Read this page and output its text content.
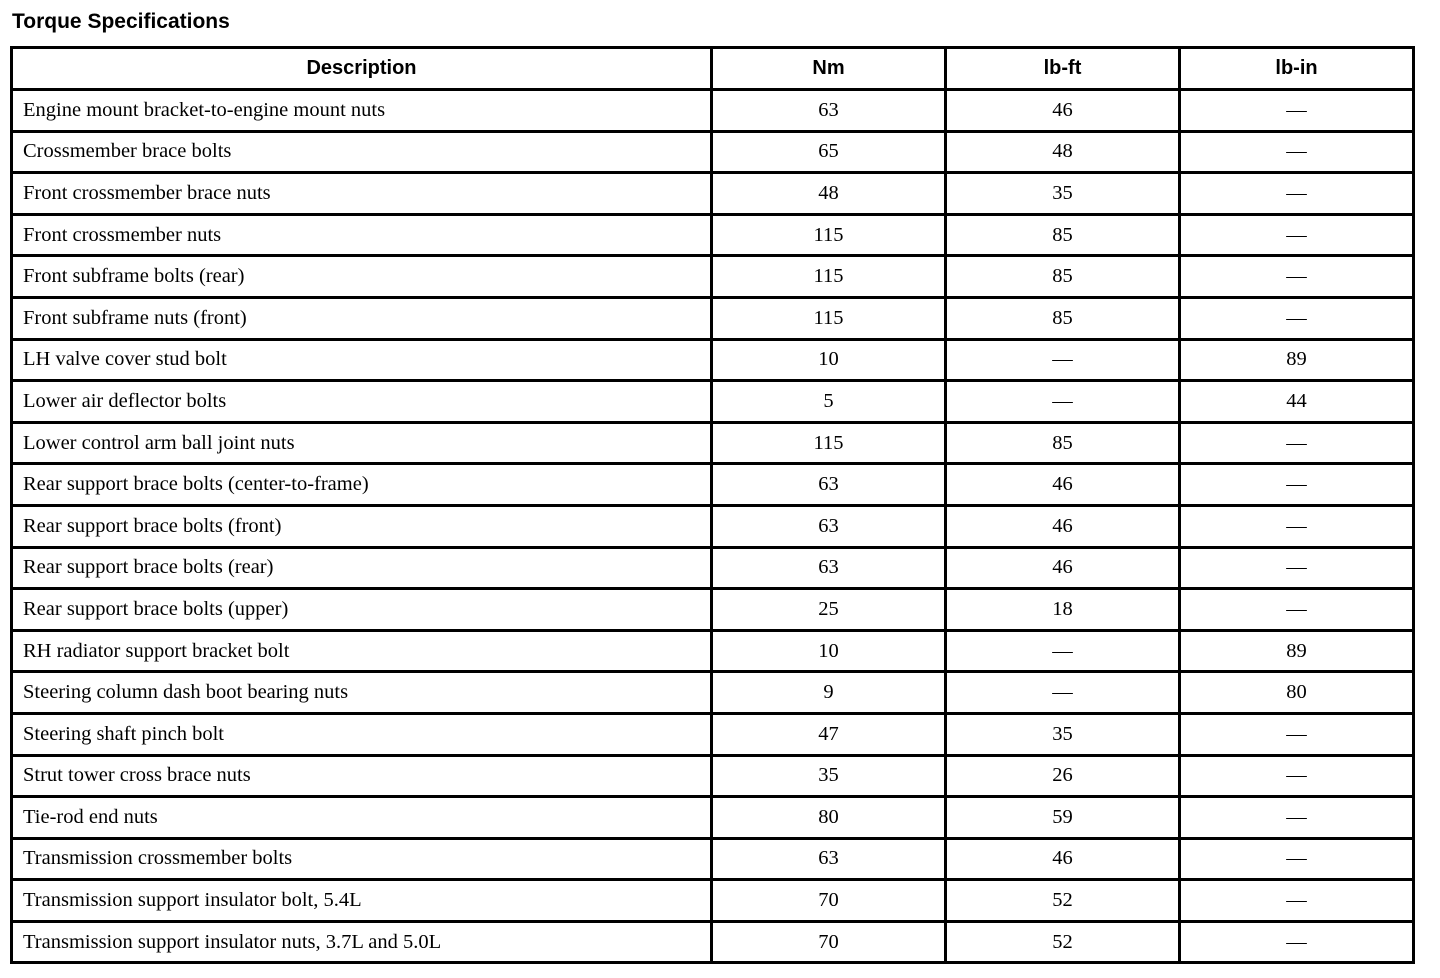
Torque Specifications
Description	Nm	lb-ft	lb-in
Engine mount bracket-to-engine mount nuts	63	46	—
Crossmember brace bolts	65	48	—
Front crossmember brace nuts	48	35	—
Front crossmember nuts	115	85	—
Front subframe bolts (rear)	115	85	—
Front subframe nuts (front)	115	85	—
LH valve cover stud bolt	10	—	89
Lower air deflector bolts	5	—	44
Lower control arm ball joint nuts	115	85	—
Rear support brace bolts (center-to-frame)	63	46	—
Rear support brace bolts (front)	63	46	—
Rear support brace bolts (rear)	63	46	—
Rear support brace bolts (upper)	25	18	—
RH radiator support bracket bolt	10	—	89
Steering column dash boot bearing nuts	9	—	80
Steering shaft pinch bolt	47	35	—
Strut tower cross brace nuts	35	26	—
Tie-rod end nuts	80	59	—
Transmission crossmember bolts	63	46	—
Transmission support insulator bolt, 5.4L	70	52	—
Transmission support insulator nuts, 3.7L and 5.0L	70	52	—
